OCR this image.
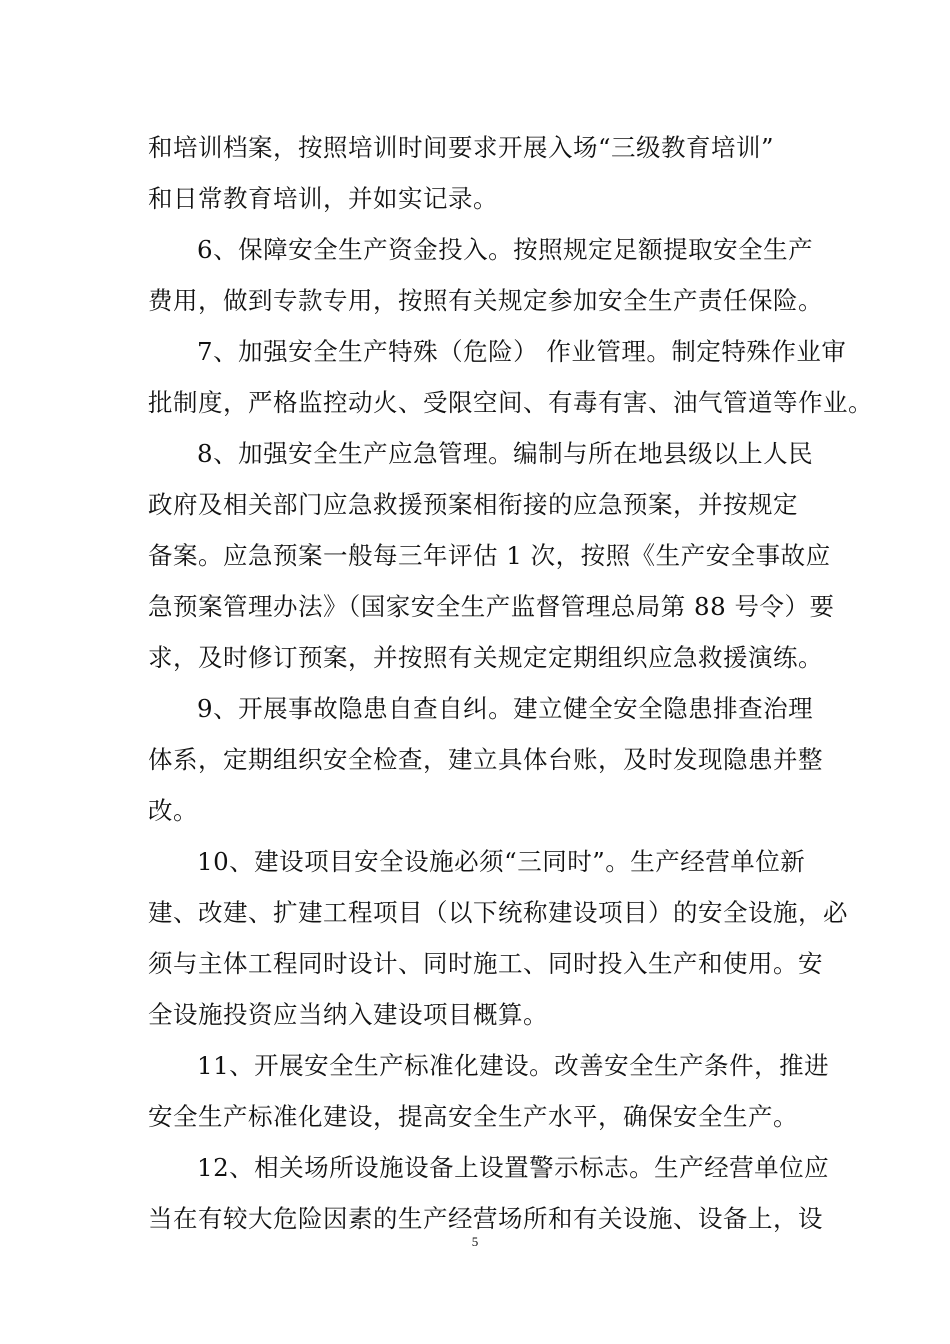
和培训档案，按照培训时间要求开展入场“三级教育培训”
和日常教育培训，并如实记录。
6、保障安全生产资金投入。按照规定足额提取安全生产
费用，做到专款专用，按照有关规定参加安全生产责任保险。
7、加强安全生产特殊（危险） 作业管理。制定特殊作业审
批制度，严格监控动火、受限空间、有毒有害、油气管道等作业。
8、加强安全生产应急管理。编制与所在地县级以上人民
政府及相关部门应急救援预案相衔接的应急预案，并按规定
备案。应急预案一般每三年评估 1 次，按照《生产安全事故应
急预案管理办法》（国家安全生产监督管理总局第 88 号令）要
求，及时修订预案，并按照有关规定定期组织应急救援演练。
9、开展事故隐患自查自纠。建立健全安全隐患排查治理
体系，定期组织安全检查，建立具体台账，及时发现隐患并整
改。
10、建设项目安全设施必须“三同时”。生产经营单位新
建、改建、扩建工程项目（以下统称建设项目）的安全设施，必
须与主体工程同时设计、同时施工、同时投入生产和使用。安
全设施投资应当纳入建设项目概算。
11、开展安全生产标准化建设。改善安全生产条件，推进
安全生产标准化建设，提高安全生产水平，确保安全生产。
12、相关场所设施设备上设置警示标志。生产经营单位应
当在有较大危险因素的生产经营场所和有关设施、设备上，设
5
